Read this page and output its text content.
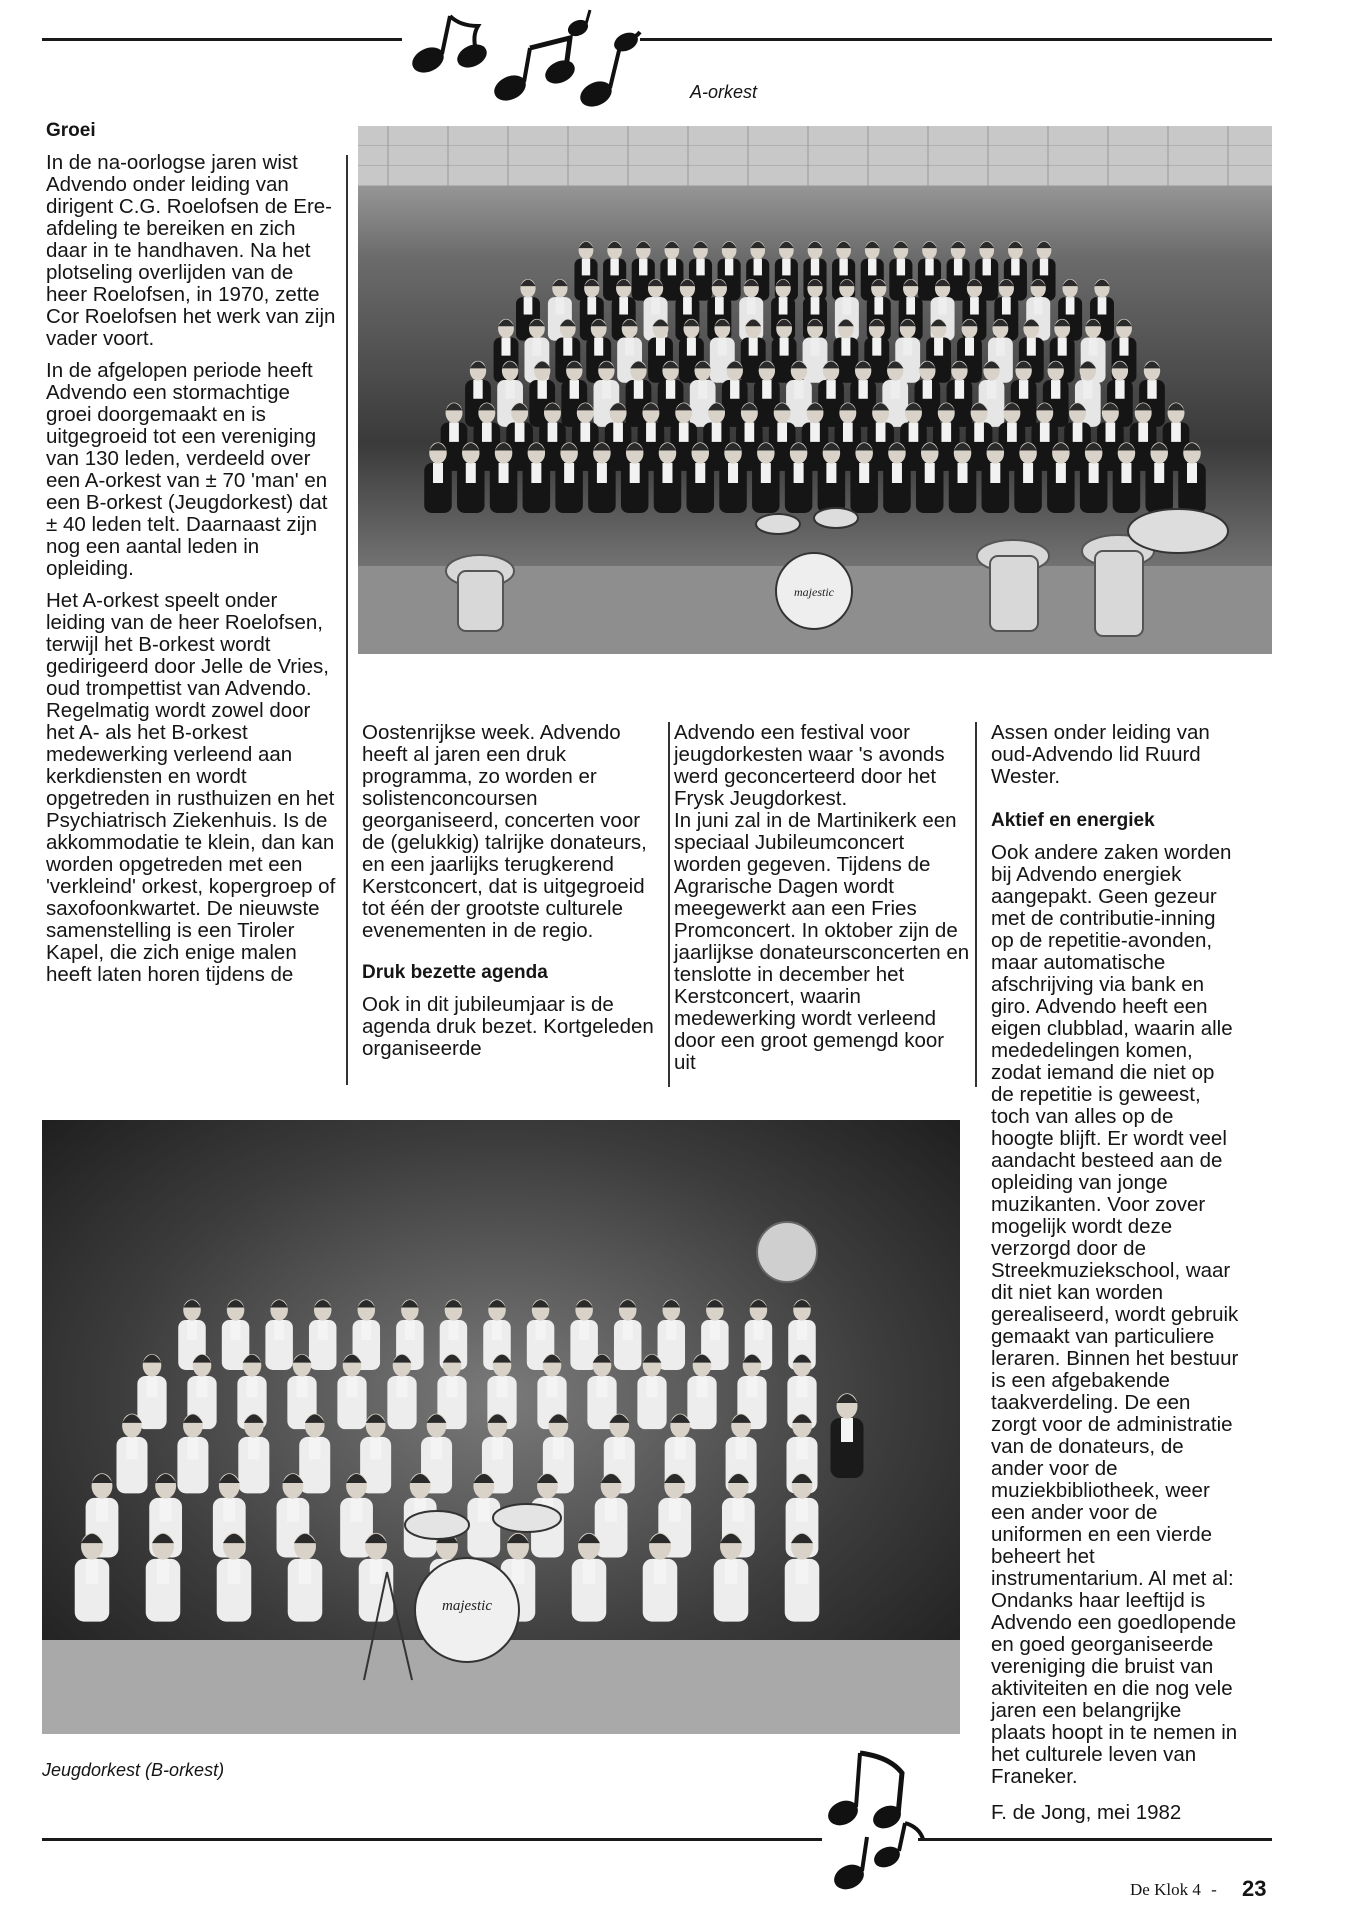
A-orkest
majestic
Groei

In de na-oorlogse jaren wist Advendo onder leiding van dirigent C.G. Roelofsen de Ere-afdeling te bereiken en zich daar in te handhaven. Na het plotseling overlijden van de heer Roelofsen, in 1970, zette Cor Roelofsen het werk van zijn vader voort.

In de afgelopen periode heeft Advendo een stormachtige groei doorgemaakt en is uitgegroeid tot een vereniging van 130 leden, verdeeld over een A-orkest van ± 70 'man' en een B-orkest (Jeugdorkest) dat ± 40 leden telt. Daarnaast zijn nog een aantal leden in opleiding.

Het A-orkest speelt onder leiding van de heer Roelofsen, terwijl het B-orkest wordt gedirigeerd door Jelle de Vries, oud trompettist van Advendo. Regelmatig wordt zowel door het A- als het B-orkest medewerking verleend aan kerkdiensten en wordt opgetreden in rusthuizen en het Psychiatrisch Ziekenhuis. Is de akkommodatie te klein, dan kan worden opgetreden met een 'verkleind' orkest, kopergroep of saxofoonkwartet. De nieuwste samenstelling is een Tiroler Kapel, die zich enige malen heeft laten horen tijdens de

Oostenrijkse week. Advendo heeft al jaren een druk programma, zo worden er solistenconcoursen georganiseerd, concerten voor de (gelukkig) talrijke donateurs, en een jaarlijks terugkerend Kerstconcert, dat is uitgegroeid tot één der grootste culturele evenementen in de regio.

Druk bezette agenda

Ook in dit jubileumjaar is de agenda druk bezet. Kortgeleden organiseerde

Advendo een festival voor jeugdorkesten waar 's avonds werd geconcerteerd door het Frysk Jeugdorkest.

In juni zal in de Martinikerk een speciaal Jubileumconcert worden gegeven. Tijdens de Agrarische Dagen wordt meegewerkt aan een Fries Promconcert. In oktober zijn de jaarlijkse donateursconcerten en tenslotte in december het Kerstconcert, waarin medewerking wordt verleend door een groot gemengd koor uit

Assen onder leiding van oud-Advendo lid Ruurd Wester.

Aktief en energiek

Ook andere zaken worden bij Advendo energiek aangepakt. Geen gezeur met de contributie-inning op de repetitie-avonden, maar automatische afschrijving via bank en giro. Advendo heeft een eigen clubblad, waarin alle mededelingen komen, zodat iemand die niet op de repetitie is geweest, toch van alles op de hoogte blijft. Er wordt veel aandacht besteed aan de opleiding van jonge muzikanten. Voor zover mogelijk wordt deze verzorgd door de Streekmuziekschool, waar dit niet kan worden gerealiseerd, wordt gebruik gemaakt van particuliere leraren. Binnen het bestuur is een afgebakende taakverdeling. De een zorgt voor de administratie van de donateurs, de ander voor de muziekbibliotheek, weer een ander voor de uniformen en een vierde beheert het instrumentarium. Al met al: Ondanks haar leeftijd is Advendo een goedlopende en goed georganiseerde vereniging die bruist van aktiviteiten en die nog vele jaren een belangrijke plaats hoopt in te nemen in het culturele leven van Franeker.

F. de Jong, mei 1982

majestic
Jeugdorkest (B-orkest)
De Klok 4 - 23
